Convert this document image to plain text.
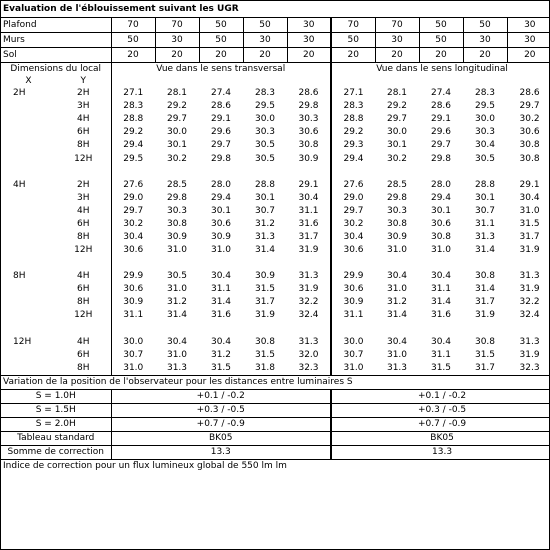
Evaluation de l'éblouissement suivant les UGR											
Plafond		70	70	50	50	30	70	70	50	50	30
Murs		50	30	50	30	30	50	30	50	30	30
Sol		20	20	20	20	20	20	20	20	20	20
Dimensions du local		Vue dans le sens transversal					Vue dans le sens longitudinal				
X	Y										
2H	2H	27.1	28.1	27.4	28.3	28.6	27.1	28.1	27.4	28.3	28.6
	3H	28.3	29.2	28.6	29.5	29.8	28.3	29.2	28.6	29.5	29.7
	4H	28.8	29.7	29.1	30.0	30.3	28.8	29.7	29.1	30.0	30.2
	6H	29.2	30.0	29.6	30.3	30.6	29.2	30.0	29.6	30.3	30.6
	8H	29.4	30.1	29.7	30.5	30.8	29.3	30.1	29.7	30.4	30.8
	12H	29.5	30.2	29.8	30.5	30.9	29.4	30.2	29.8	30.5	30.8

4H	2H	27.6	28.5	28.0	28.8	29.1	27.6	28.5	28.0	28.8	29.1
	3H	29.0	29.8	29.4	30.1	30.4	29.0	29.8	29.4	30.1	30.4
	4H	29.7	30.3	30.1	30.7	31.1	29.7	30.3	30.1	30.7	31.0
	6H	30.2	30.8	30.6	31.2	31.6	30.2	30.8	30.6	31.1	31.5
	8H	30.4	30.9	30.9	31.3	31.7	30.4	30.9	30.8	31.3	31.7
	12H	30.6	31.0	31.0	31.4	31.9	30.6	31.0	31.0	31.4	31.9

8H	4H	29.9	30.5	30.4	30.9	31.3	29.9	30.4	30.4	30.8	31.3
	6H	30.6	31.0	31.1	31.5	31.9	30.6	31.0	31.1	31.4	31.9
	8H	30.9	31.2	31.4	31.7	32.2	30.9	31.2	31.4	31.7	32.2
	12H	31.1	31.4	31.6	31.9	32.4	31.1	31.4	31.6	31.9	32.4

12H	4H	30.0	30.4	30.4	30.8	31.3	30.0	30.4	30.4	30.8	31.3
	6H	30.7	31.0	31.2	31.5	32.0	30.7	31.0	31.1	31.5	31.9
	8H	31.0	31.3	31.5	31.8	32.3	31.0	31.3	31.5	31.7	32.3
Variation de la position de l'observateur pour les distances entre luminaires S											
S = 1.0H		+0.1 / -0.2					+0.1 / -0.2				
S = 1.5H		+0.3 / -0.5					+0.3 / -0.5				
S = 2.0H		+0.7 / -0.9					+0.7 / -0.9				
Tableau standard		BK05					BK05				
Somme de correction		13.3					13.3				
Indice de correction pour un flux lumineux global de 550 lm lm											
